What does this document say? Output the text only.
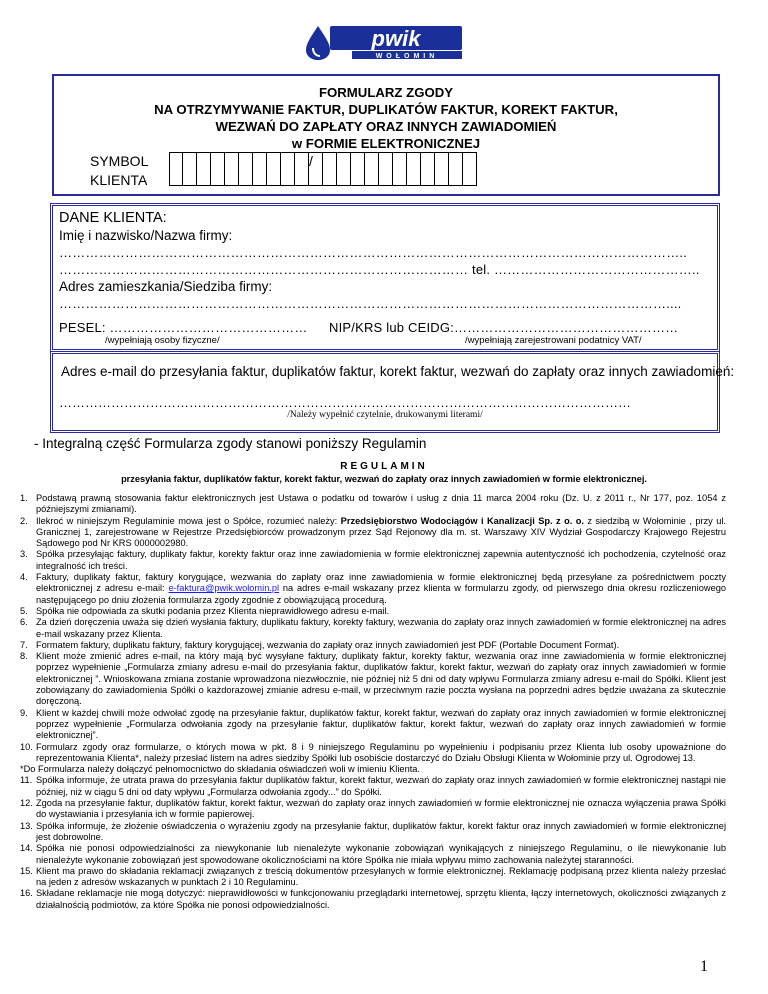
pwik
WOŁOMIN
FORMULARZ ZGODY
NA OTRZYMYWANIE FAKTUR, DUPLIKATÓW FAKTUR, KOREKT FAKTUR,
WEZWAŃ DO ZAPŁATY ORAZ INNYCH ZAWIADOMIEŃ
w FORMIE ELEKTRONICZNEJ
SYMBOL
KLIENTA
/
DANE KLIENTA:
Imię i nazwisko/Nazwa firmy:
……………………………………………………………………………………………………………………………..
………………………………………………………………………………… tel. ………………………………………..
Adres zamieszkania/Siedziba firmy:
…………………………………………………………………………………………………………………………....
PESEL: ………………………………………	NIP/KRS lub CEIDG:……………………………………………
/wypełniają osoby fizyczne/	/wypełniają zarejestrowani podatnicy VAT/
Adres e-mail do przesyłania faktur, duplikatów faktur, korekt faktur, wezwań do zapłaty oraz innych zawiadomień:
……………………………………………………………………………………………………………………
/Należy wypełnić czytelnie, drukowanymi literami/
- Integralną część Formularza zgody stanowi poniższy Regulamin
REGULAMIN
przesyłania faktur, duplikatów faktur, korekt faktur, wezwań do zapłaty oraz innych zawiadomień w formie elektronicznej.
1. Podstawą prawną stosowania faktur elektronicznych jest Ustawa o podatku od towarów i usług z dnia 11 marca 2004 roku (Dz. U. z 2011 r., Nr 177, poz. 1054 z późniejszymi zmianami).
2. Ilekroć w niniejszym Regulaminie mowa jest o Spółce, rozumieć należy: Przedsiębiorstwo Wodociągów i Kanalizacji Sp. z o. o. z siedzibą w Wołominie , przy ul. Granicznej 1, zarejestrowane w Rejestrze Przedsiębiorców prowadzonym przez Sąd Rejonowy dla m. st. Warszawy XIV Wydział Gospodarczy Krajowego Rejestru Sądowego pod Nr KRS 0000002980.
3. Spółka przesyłając faktury, duplikaty faktur, korekty faktur oraz inne zawiadomienia w formie elektronicznej zapewnia autentyczność ich pochodzenia, czytelność oraz integralność ich treści.
4. Faktury, duplikaty faktur, faktury korygujące, wezwania do zapłaty oraz inne zawiadomienia w formie elektronicznej będą przesyłane za pośrednictwem poczty elektronicznej z adresu e-mail: e-faktura@pwik.wolomin.pl na adres e-mail wskazany przez klienta w formularzu zgody, od pierwszego dnia okresu rozliczeniowego następującego po dniu złożenia formularza zgody zgodnie z obowiązującą procedurą.
5. Spółka nie odpowiada za skutki podania przez Klienta nieprawidłowego adresu e-mail.
6. Za dzień doręczenia uważa się dzień wysłania faktury, duplikatu faktury, korekty faktury, wezwania do zapłaty oraz innych zawiadomień w formie elektronicznej na adres e-mail wskazany przez Klienta.
7. Formatem faktury, duplikatu faktury, faktury korygującej, wezwania do zapłaty oraz innych zawiadomień jest PDF (Portable Document Format).
8. Klient może zmienić adres e-mail, na który mają być wysyłane faktury, duplikaty faktur, korekty faktur, wezwania oraz inne zawiadomienia w formie elektronicznej poprzez wypełnienie „Formularza zmiany adresu e-mail do przesyłania faktur, duplikatów faktur, korekt faktur, wezwań do zapłaty oraz innych zawiadomień w formie elektronicznej ”. Wnioskowana zmiana zostanie wprowadzona niezwłocznie, nie później niż 5 dni od daty wpływu Formularza zmiany adresu e-mail do Spółki. Klient jest zobowiązany do zawiadomienia Spółki o każdorazowej zmianie adresu e-mail, w przeciwnym razie poczta wysłana na poprzedni adres będzie uważana za skutecznie doręczoną.
9. Klient w każdej chwili może odwołać zgodę na przesyłanie faktur, duplikatów faktur, korekt faktur, wezwań do zapłaty oraz innych zawiadomień w formie elektronicznej poprzez wypełnienie „Formularza odwołania zgody na przesyłanie faktur, duplikatów faktur, korekt faktur, wezwań do zapłaty oraz innych zawiadomień w formie elektronicznej”.
10. Formularz zgody oraz formularze, o których mowa w pkt. 8 i 9 niniejszego Regulaminu po wypełnieniu i podpisaniu przez Klienta lub osoby upoważnione do reprezentowania Klienta*, należy przesłać listem na adres siedziby Spółki lub osobiście dostarczyć do Działu Obsługi Klienta w Wołominie przy ul. Ogrodowej 13.
*Do Formularza należy dołączyć pełnomocnictwo do składania oświadczeń woli w imieniu Klienta.
11. Spółka informuje, że utrata prawa do przesyłania faktur duplikatów faktur, korekt faktur, wezwań do zapłaty oraz innych zawiadomień w formie elektronicznej nastąpi nie później, niż w ciągu 5 dni od daty wpływu „Formularza odwołania zgody...” do Spółki.
12. Zgoda na przesyłanie faktur, duplikatów faktur, korekt faktur, wezwań do zapłaty oraz innych zawiadomień w formie elektronicznej nie oznacza wyłączenia prawa Spółki do wystawiania i przesyłania ich w formie papierowej.
13. Spółka informuje, że złożenie oświadczenia o wyrażeniu zgody na przesyłanie faktur, duplikatów faktur, korekt faktur oraz innych zawiadomień w formie elektronicznej jest dobrowolne.
14. Spółka nie ponosi odpowiedzialności za niewykonanie lub nienależyte wykonanie zobowiązań wynikających z niniejszego Regulaminu, o ile niewykonanie lub nienależyte wykonanie zobowiązań jest spowodowane okolicznościami na które Spółka nie miała wpływu mimo zachowania należytej staranności.
15. Klient ma prawo do składania reklamacji związanych z treścią dokumentów przesyłanych w formie elektronicznej. Reklamację podpisaną przez klienta należy przesłać na jeden z adresów wskazanych w punktach 2 i 10 Regulaminu.
16. Składane reklamacje nie mogą dotyczyć: nieprawidłowości w funkcjonowaniu przeglądarki internetowej, sprzętu klienta, łączy internetowych, okoliczności związanych z działalnością podmiotów, za które Spółka nie ponosi odpowiedzialności.
1
